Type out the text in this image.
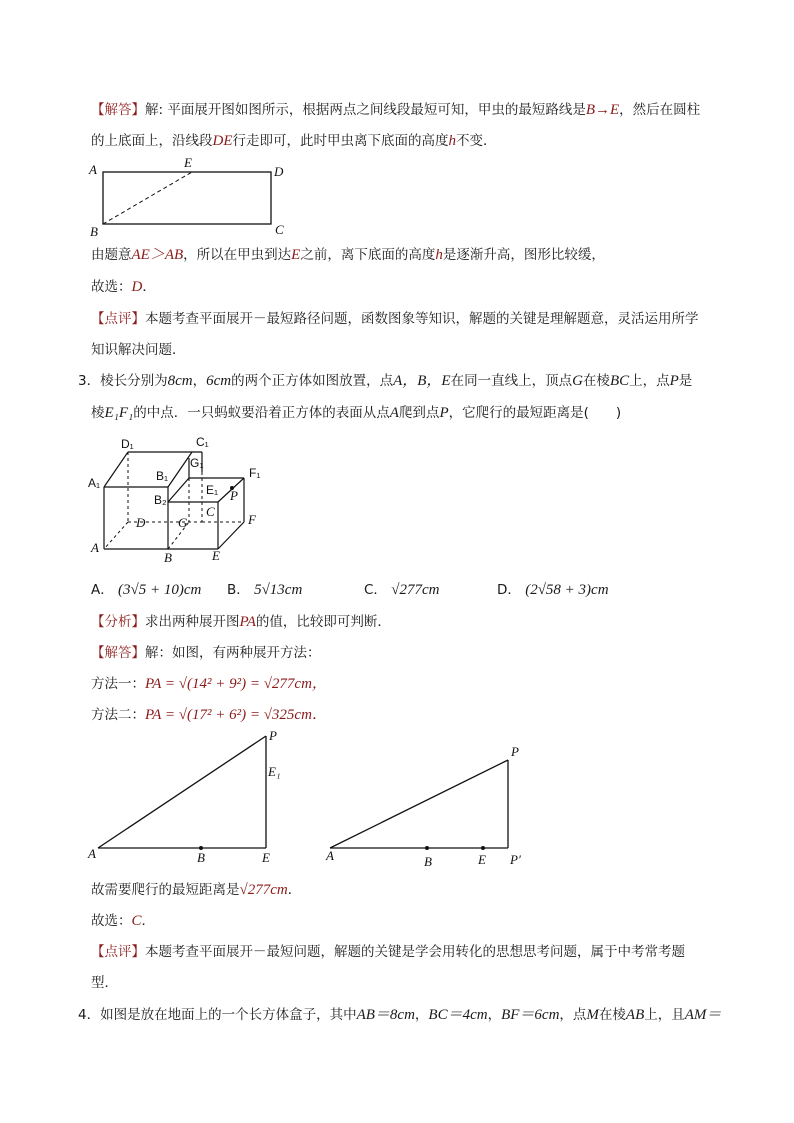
【解答】解: 平面展开图如图所示，根据两点之间线段最短可知，甲虫的最短路线是B→E，然后在圆柱
的上底面上，沿线段DE行走即可，此时甲虫离下底面的高度h不变．
A	E
D
B	C
由题意AE＞AB，所以在甲虫到达E之前，离下底面的高度h是逐渐升高，图形比较缓，
故选：D．
【点评】本题考查平面展开－最短路径问题，函数图象等知识，解题的关键是理解题意，灵活运用所学
知识解决问题．
3．棱长分别为8cm，6cm的两个正方体如图放置，点A，B，E在同一直线上，顶点G在棱BC上，点P是
棱E₁F₁的中点．一只蚂蚁要沿着正方体的表面从点A爬到点P，它爬行的最短距离是(　　)
D₁	C₁
A₁	B₁
G₁
F₁
B₂
E₁ P
C
D	G	F
A
B	E
A． (3√5 + 10)cm B． 5√13cm	C． √277cm	D． (2√58 + 3)cm
【分析】求出两种展开图PA的值，比较即可判断．
【解答】解：如图，有两种展开方法：
方法一：PA = √(14² + 9²) = √277cm，
方法二：PA = √(17² + 6²) = √325cm．
P
E₁
A	B	E
P
A	B	E P′
故需要爬行的最短距离是√277cm．
故选：C．
【点评】本题考查平面展开－最短问题，解题的关键是学会用转化的思想思考问题，属于中考常考题
型．
4．如图是放在地面上的一个长方体盒子，其中AB＝8cm，BC＝4cm，BF＝6cm，点M在棱AB上，且AM＝
